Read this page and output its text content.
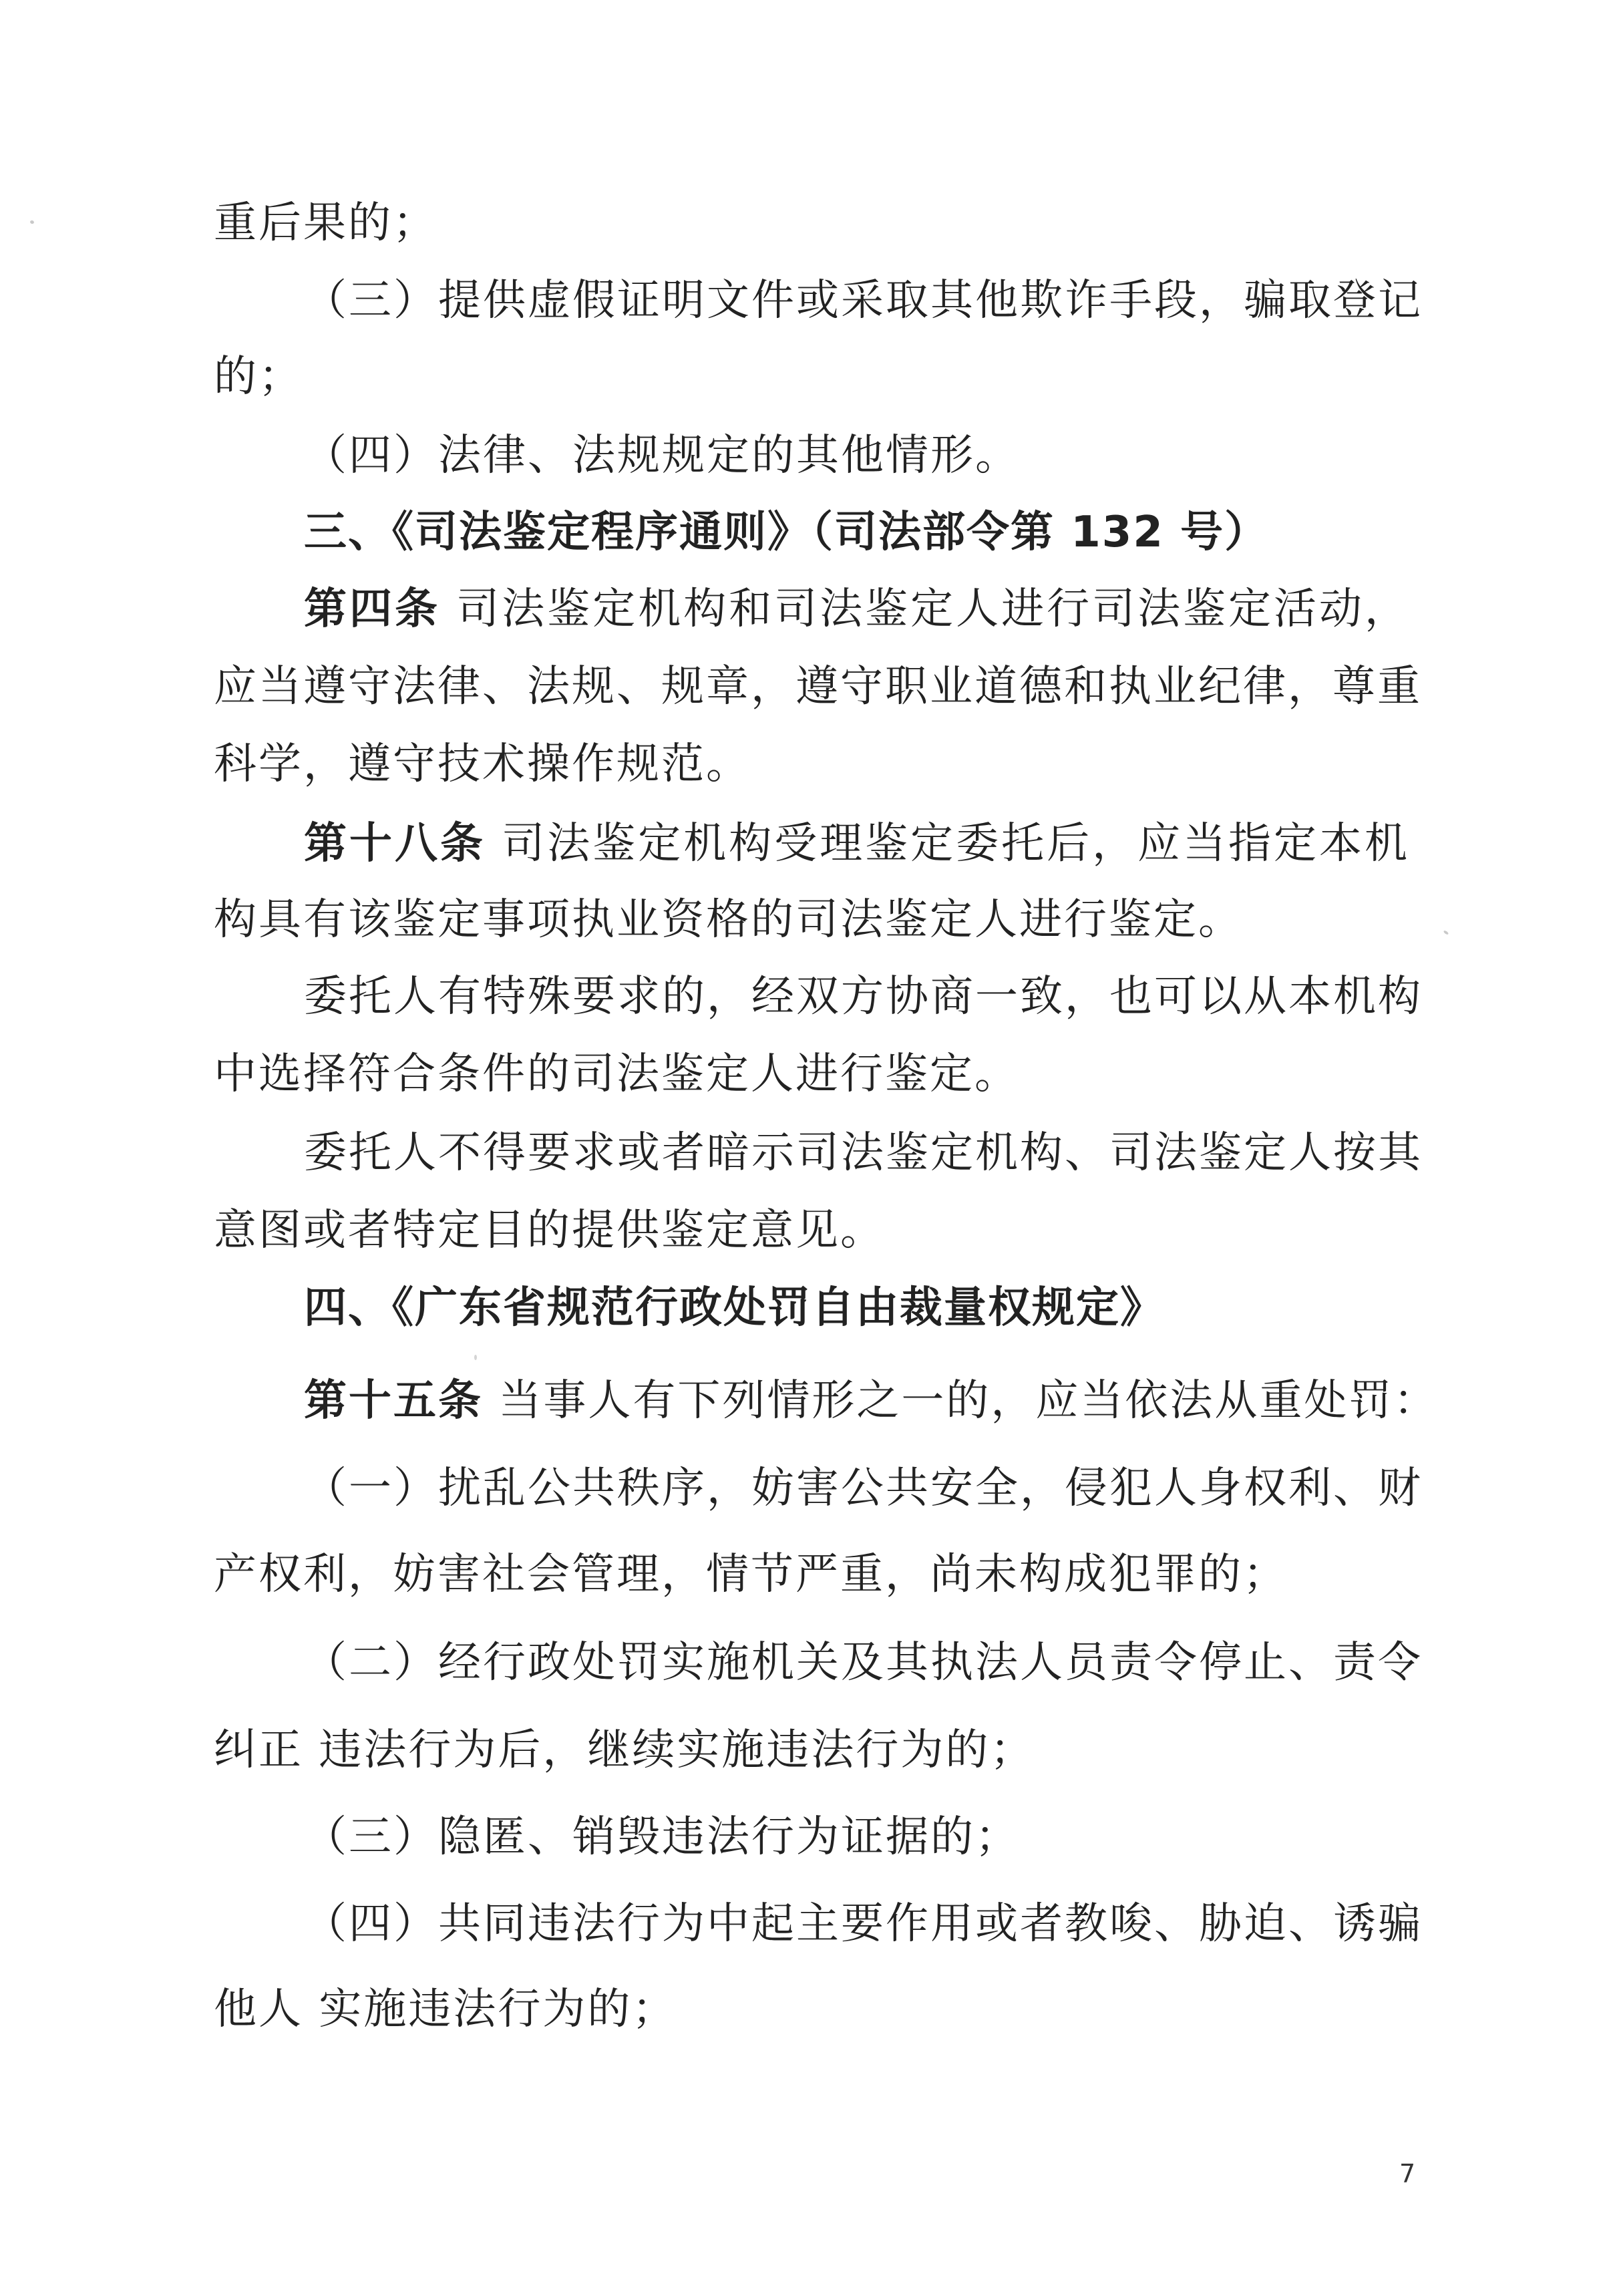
重后果的；
（三）提供虚假证明文件或采取其他欺诈手段，骗取登记
的；
（四）法律、法规规定的其他情形。
三、《司法鉴定程序通则》（司法部令第 132 号）
第四条 司法鉴定机构和司法鉴定人进行司法鉴定活动，
应当遵守法律、法规、规章，遵守职业道德和执业纪律，尊重
科学，遵守技术操作规范。
第十八条 司法鉴定机构受理鉴定委托后，应当指定本机
构具有该鉴定事项执业资格的司法鉴定人进行鉴定。
委托人有特殊要求的，经双方协商一致，也可以从本机构
中选择符合条件的司法鉴定人进行鉴定。
委托人不得要求或者暗示司法鉴定机构、司法鉴定人按其
意图或者特定目的提供鉴定意见。
四、《广东省规范行政处罚自由裁量权规定》
第十五条 当事人有下列情形之一的，应当依法从重处罚：
（一）扰乱公共秩序，妨害公共安全，侵犯人身权利、财
产权利，妨害社会管理，情节严重，尚未构成犯罪的；
（二）经行政处罚实施机关及其执法人员责令停止、责令
纠正 违法行为后，继续实施违法行为的；
（三）隐匿、销毁违法行为证据的；
（四）共同违法行为中起主要作用或者教唆、胁迫、诱骗
他人 实施违法行为的；
7
